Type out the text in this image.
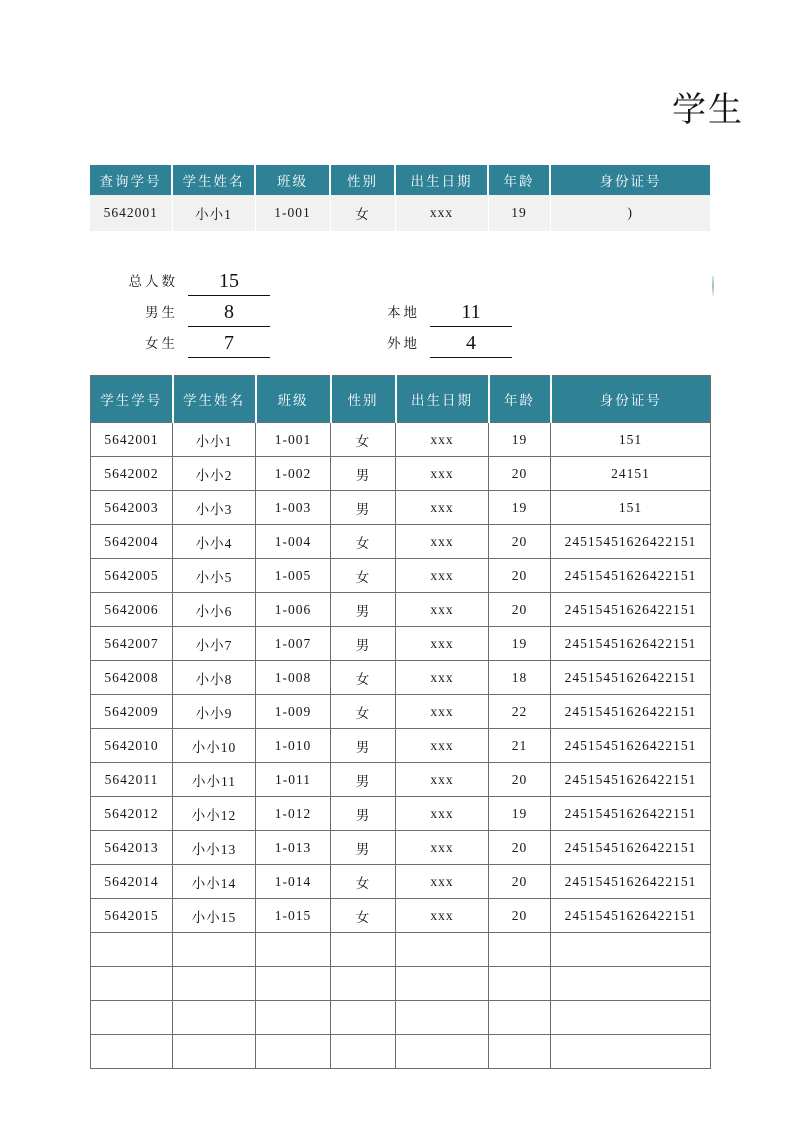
学生
查询学号	学生姓名	班级	性别	出生日期	年龄	身份证号
5642001	小小1	1-001	女	xxx	19	)
总人数	15
男生	8
女生	7
本地	11
外地	4
学生学号	学生姓名	班级	性别	出生日期	年龄	身份证号
5642001	小小1	1-001	女	xxx	19	151
5642002	小小2	1-002	男	xxx	20	24151
5642003	小小3	1-003	男	xxx	19	151
5642004	小小4	1-004	女	xxx	20	24515451626422151
5642005	小小5	1-005	女	xxx	20	24515451626422151
5642006	小小6	1-006	男	xxx	20	24515451626422151
5642007	小小7	1-007	男	xxx	19	24515451626422151
5642008	小小8	1-008	女	xxx	18	24515451626422151
5642009	小小9	1-009	女	xxx	22	24515451626422151
5642010	小小10	1-010	男	xxx	21	24515451626422151
5642011	小小11	1-011	男	xxx	20	24515451626422151
5642012	小小12	1-012	男	xxx	19	24515451626422151
5642013	小小13	1-013	男	xxx	20	24515451626422151
5642014	小小14	1-014	女	xxx	20	24515451626422151
5642015	小小15	1-015	女	xxx	20	24515451626422151
